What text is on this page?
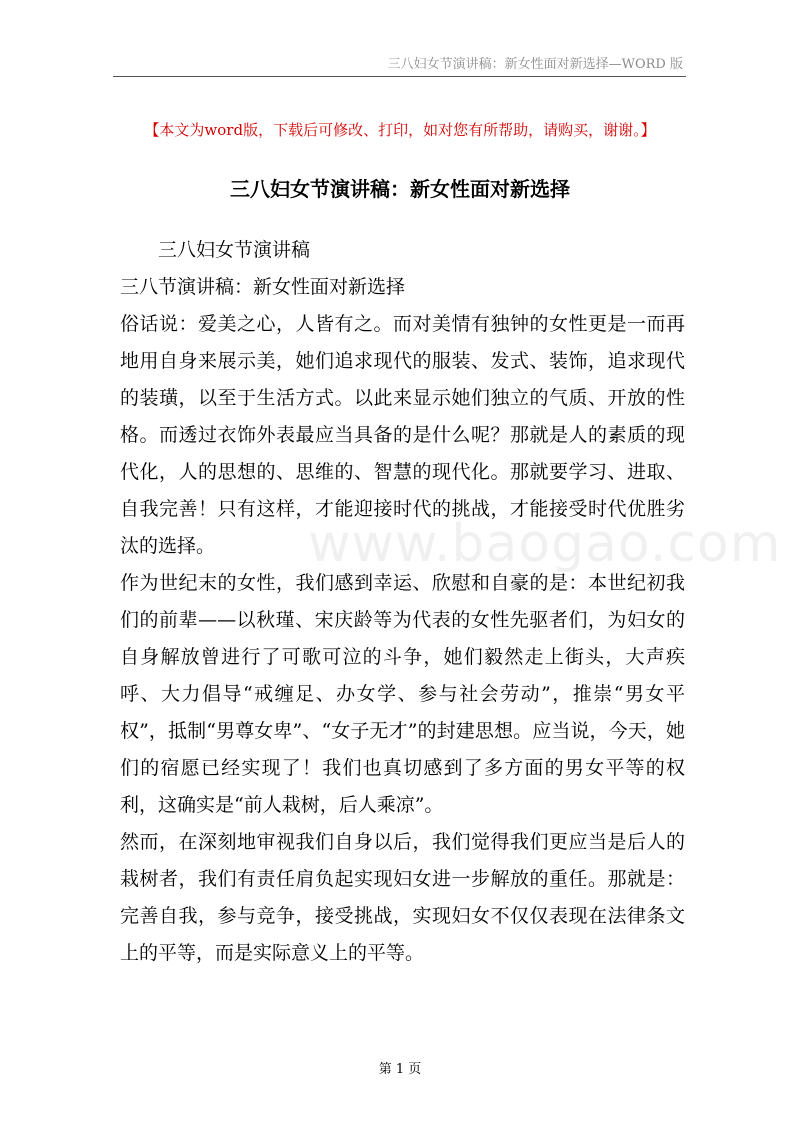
三八妇女节演讲稿：新女性面对新选择—WORD 版
【本文为word版，下载后可修改、打印，如对您有所帮助，请购买，谢谢。】
三八妇女节演讲稿：新女性面对新选择
www.baogao.com

三八妇女节演讲稿

三八节演讲稿：新女性面对新选择

俗话说：爱美之心，人皆有之。而对美情有独钟的女性更是一而再地用自身来展示美，她们追求现代的服装、发式、装饰，追求现代的装璜，以至于生活方式。以此来显示她们独立的气质、开放的性格。而透过衣饰外表最应当具备的是什么呢？那就是人的素质的现代化，人的思想的、思维的、智慧的现代化。那就要学习、进取、自我完善！只有这样，才能迎接时代的挑战，才能接受时代优胜劣汰的选择。

作为世纪末的女性，我们感到幸运、欣慰和自豪的是：本世纪初我们的前辈——以秋瑾、宋庆龄等为代表的女性先驱者们，为妇女的自身解放曾进行了可歌可泣的斗争，她们毅然走上街头，大声疾呼、大力倡导“戒缠足、办女学、参与社会劳动”，推崇“男女平权”，抵制“男尊女卑”、“女子无才”的封建思想。应当说，今天，她们的宿愿已经实现了！我们也真切感到了多方面的男女平等的权利，这确实是“前人栽树，后人乘凉”。

然而，在深刻地审视我们自身以后，我们觉得我们更应当是后人的栽树者，我们有责任肩负起实现妇女进一步解放的重任。那就是：完善自我，参与竞争，接受挑战，实现妇女不仅仅表现在法律条文上的平等，而是实际意义上的平等。

第 1 页
